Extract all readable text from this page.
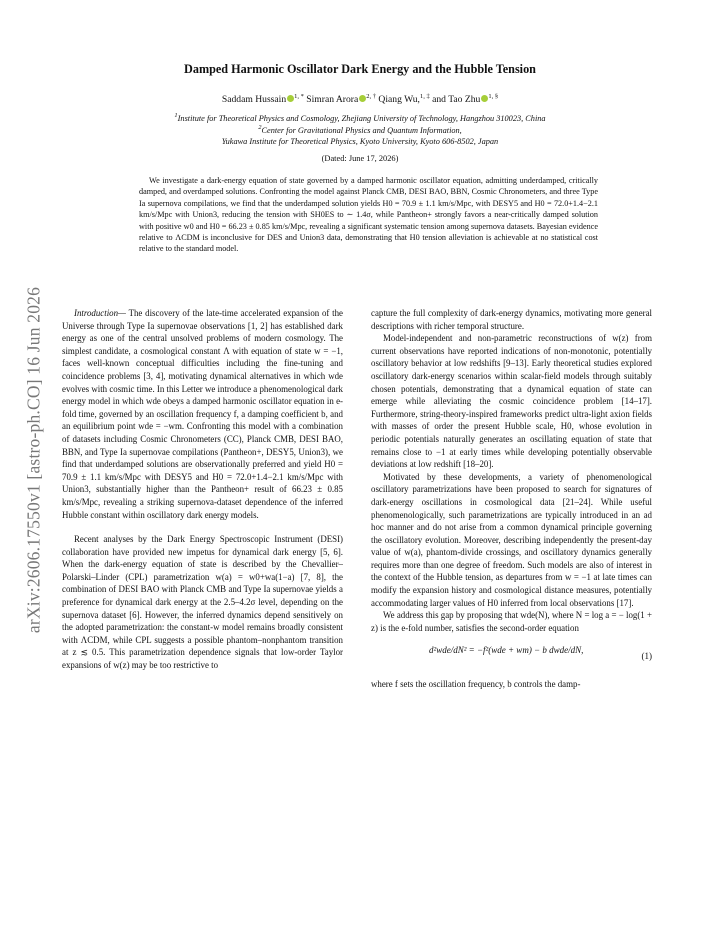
arXiv:2606.17550v1 [astro-ph.CO] 16 Jun 2026
Damped Harmonic Oscillator Dark Energy and the Hubble Tension
Saddam Hussain $^{1, *}$ Simran Arora $^{2, \dagger}$ Qiang Wu,$^{1, \ddagger}$ and Tao Zhu $^{1, \S}$
$^1$Institute for Theoretical Physics and Cosmology, Zhejiang University of Technology, Hangzhou 310023, China
$^2$Center for Gravitational Physics and Quantum Information,
Yukawa Institute for Theoretical Physics, Kyoto University, Kyoto 606-8502, Japan
(Dated: June 17, 2026)
We investigate a dark-energy equation of state governed by a damped harmonic oscillator equation, admitting underdamped, critically damped, and overdamped solutions. Confronting the model against Planck CMB, DESI BAO, BBN, Cosmic Chronometers, and three Type Ia supernova compilations, we find that the underdamped solution yields H0 = 70.9 ± 1.1 km/s/Mpc, with DESY5 and H0 = 72.0+1.4−2.1 km/s/Mpc with Union3, reducing the tension with SH0ES to ∼ 1.4σ, while Pantheon+ strongly favors a near-critically damped solution with positive w0 and H0 = 66.23 ± 0.85 km/s/Mpc, revealing a significant systematic tension among supernova datasets. Bayesian evidence relative to ΛCDM is inconclusive for DES and Union3 data, demonstrating that H0 tension alleviation is achievable at no statistical cost relative to the standard model.

Introduction— The discovery of the late-time accelerated expansion of the Universe through Type Ia supernovae observations [1, 2] has established dark energy as one of the central unsolved problems of modern cosmology. The simplest candidate, a cosmological constant Λ with equation of state w = −1, faces well-known conceptual difficulties including the fine-tuning and coincidence problems [3, 4], motivating dynamical alternatives in which wde evolves with cosmic time. In this Letter we introduce a phenomenological dark energy model in which wde obeys a damped harmonic oscillator equation in e-fold time, governed by an oscillation frequency f, a damping coefficient b, and an equilibrium point wde = −wm. Confronting this model with a combination of datasets including Cosmic Chronometers (CC), Planck CMB, DESI BAO, BBN, and Type Ia supernovae compilations (Pantheon+, DESY5, Union3), we find that underdamped solutions are observationally preferred and yield H0 = 70.9 ± 1.1 km/s/Mpc with DESY5 and H0 = 72.0+1.4−2.1 km/s/Mpc with Union3, substantially higher than the Pantheon+ result of 66.23 ± 0.85 km/s/Mpc, revealing a striking supernova-dataset dependence of the inferred Hubble constant within oscillatory dark energy models.

Recent analyses by the Dark Energy Spectroscopic Instrument (DESI) collaboration have provided new impetus for dynamical dark energy [5, 6]. When the dark-energy equation of state is described by the Chevallier–Polarski–Linder (CPL) parametrization w(a) = w0+wa(1−a) [7, 8], the combination of DESI BAO with Planck CMB and Type Ia supernovae yields a preference for dynamical dark energy at the 2.5–4.2σ level, depending on the supernova dataset [6]. However, the inferred dynamics depend sensitively on the adopted parametrization: the constant-w model remains broadly consistent with ΛCDM, while CPL suggests a possible phantom–nonphantom transition at z ≲ 0.5. This parametrization dependence signals that low-order Taylor expansions of w(z) may be too restrictive to

capture the full complexity of dark-energy dynamics, motivating more general descriptions with richer temporal structure.

Model-independent and non-parametric reconstructions of w(z) from current observations have reported indications of non-monotonic, potentially oscillatory behavior at low redshifts [9–13]. Early theoretical studies explored oscillatory dark-energy scenarios within scalar-field models through suitably chosen potentials, demonstrating that a dynamical equation of state can emerge while alleviating the cosmic coincidence problem [14–17]. Furthermore, string-theory-inspired frameworks predict ultra-light axion fields with masses of order the present Hubble scale, H0, whose evolution in periodic potentials naturally generates an oscillating equation of state that remains close to −1 at early times while developing potentially observable deviations at low redshift [18–20].

Motivated by these developments, a variety of phenomenological oscillatory parametrizations have been proposed to search for signatures of dark-energy oscillations in cosmological data [21–24]. While useful phenomenologically, such parametrizations are typically introduced in an ad hoc manner and do not arise from a common dynamical principle governing the oscillatory evolution. Moreover, describing independently the present-day value of w(a), phantom-divide crossings, and oscillatory dynamics generally requires more than one degree of freedom. Such models are also of interest in the context of the Hubble tension, as departures from w = −1 at late times can modify the expansion history and cosmological distance measures, potentially accommodating larger values of H0 inferred from local observations [17].

We address this gap by proposing that wde(N), where N = log a = − log(1 + z) is the e-fold number, satisfies the second-order equation

d²wde/dN² = −f²(wde + wm) − b dwde/dN,
(1)

where f sets the oscillation frequency, b controls the damp-
